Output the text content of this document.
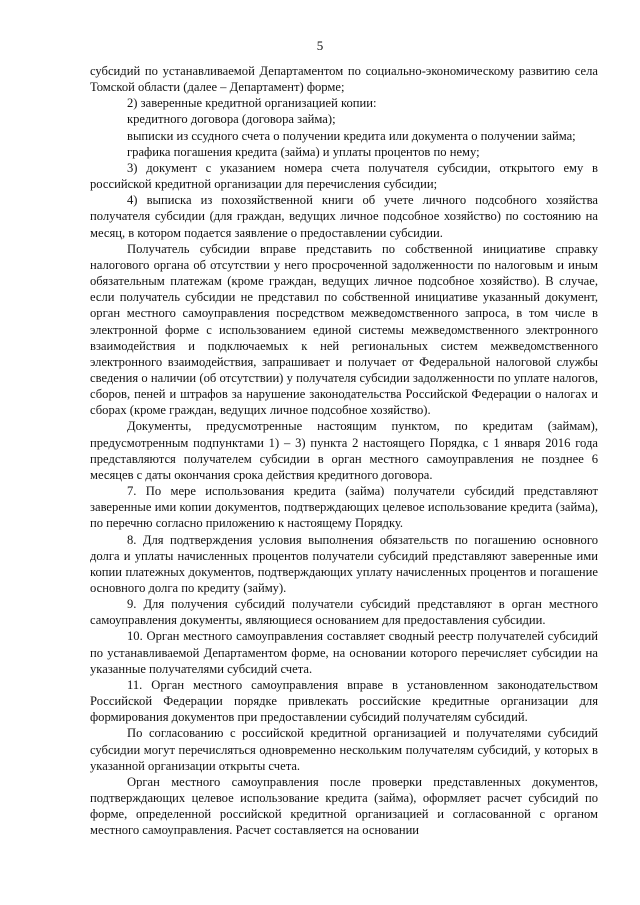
5

субсидий по устанавливаемой Департаментом по социально-экономическому развитию села Томской области (далее – Департамент) форме;

2) заверенные кредитной организацией копии:

кредитного договора (договора займа);

выписки из ссудного счета о получении кредита или документа о получении займа;

графика погашения кредита (займа) и уплаты процентов по нему;

3) документ с указанием номера счета получателя субсидии, открытого ему в российской кредитной организации для перечисления субсидии;

4) выписка из похозяйственной книги об учете личного подсобного хозяйства получателя субсидии (для граждан, ведущих личное подсобное хозяйство) по состоянию на месяц, в котором подается заявление о предоставлении субсидии.

Получатель субсидии вправе представить по собственной инициативе справку налогового органа об отсутствии у него просроченной задолженности по налоговым и иным обязательным платежам (кроме граждан, ведущих личное подсобное хозяйство). В случае, если получатель субсидии не представил по собственной инициативе указанный документ, орган местного самоуправления посредством межведомственного запроса, в том числе в электронной форме с использованием единой системы межведомственного электронного взаимодействия и подключаемых к ней региональных систем межведомственного электронного взаимодействия, запрашивает и получает от Федеральной налоговой службы сведения о наличии (об отсутствии) у получателя субсидии задолженности по уплате налогов, сборов, пеней и штрафов за нарушение законодательства Российской Федерации о налогах и сборах (кроме граждан, ведущих личное подсобное хозяйство).

Документы, предусмотренные настоящим пунктом, по кредитам (займам), предусмотренным подпунктами 1) – 3) пункта 2 настоящего Порядка, с 1 января 2016 года представляются получателем субсидии в орган местного самоуправления не позднее 6 месяцев с даты окончания срока действия кредитного договора.

7. По мере использования кредита (займа) получатели субсидий представляют заверенные ими копии документов, подтверждающих целевое использование кредита (займа), по перечню согласно приложению к настоящему Порядку.

8. Для подтверждения условия выполнения обязательств по погашению основного долга и уплаты начисленных процентов получатели субсидий представляют заверенные ими копии платежных документов, подтверждающих уплату начисленных процентов и погашение основного долга по кредиту (займу).

9. Для получения субсидий получатели субсидий представляют в орган местного самоуправления документы, являющиеся основанием для предоставления субсидии.

10. Орган местного самоуправления составляет сводный реестр получателей субсидий по устанавливаемой Департаментом форме, на основании которого перечисляет субсидии на указанные получателями субсидий счета.

11. Орган местного самоуправления вправе в установленном законодательством Российской Федерации порядке привлекать российские кредитные организации для формирования документов при предоставлении субсидий получателям субсидий.

По согласованию с российской кредитной организацией и получателями субсидий субсидии могут перечисляться одновременно нескольким получателям субсидий, у которых в указанной организации открыты счета.

Орган местного самоуправления после проверки представленных документов, подтверждающих целевое использование кредита (займа), оформляет расчет субсидий по форме, определенной российской кредитной организацией и согласованной с органом местного самоуправления. Расчет составляется на основании
